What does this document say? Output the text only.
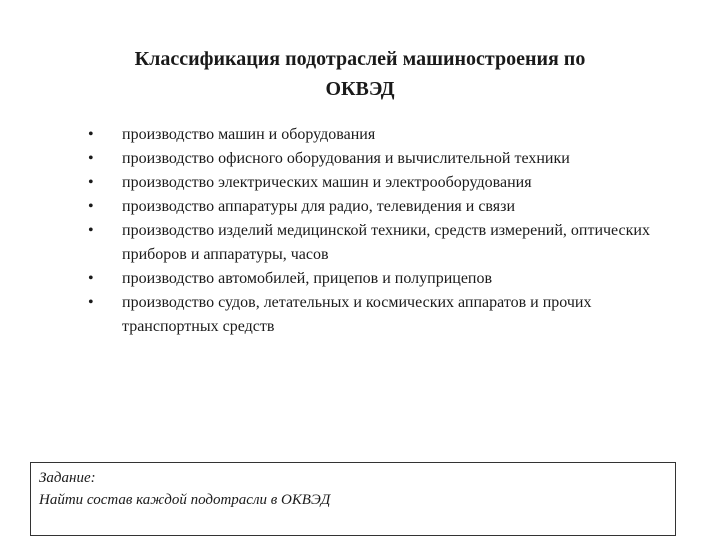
Классификация подотраслей машиностроения по
ОКВЭД
•	производство машин и оборудования
•	производство офисного оборудования и вычислительной техники
•	производство электрических машин и электрооборудования
•	производство аппаратуры для радио, телевидения и связи
•	производство изделий медицинской техники, средств измерений, оптических приборов и аппаратуры, часов
•	производство автомобилей, прицепов и полуприцепов
•	производство судов, летательных и космических аппаратов и прочих транспортных средств
Задание:
Найти состав каждой подотрасли в ОКВЭД
